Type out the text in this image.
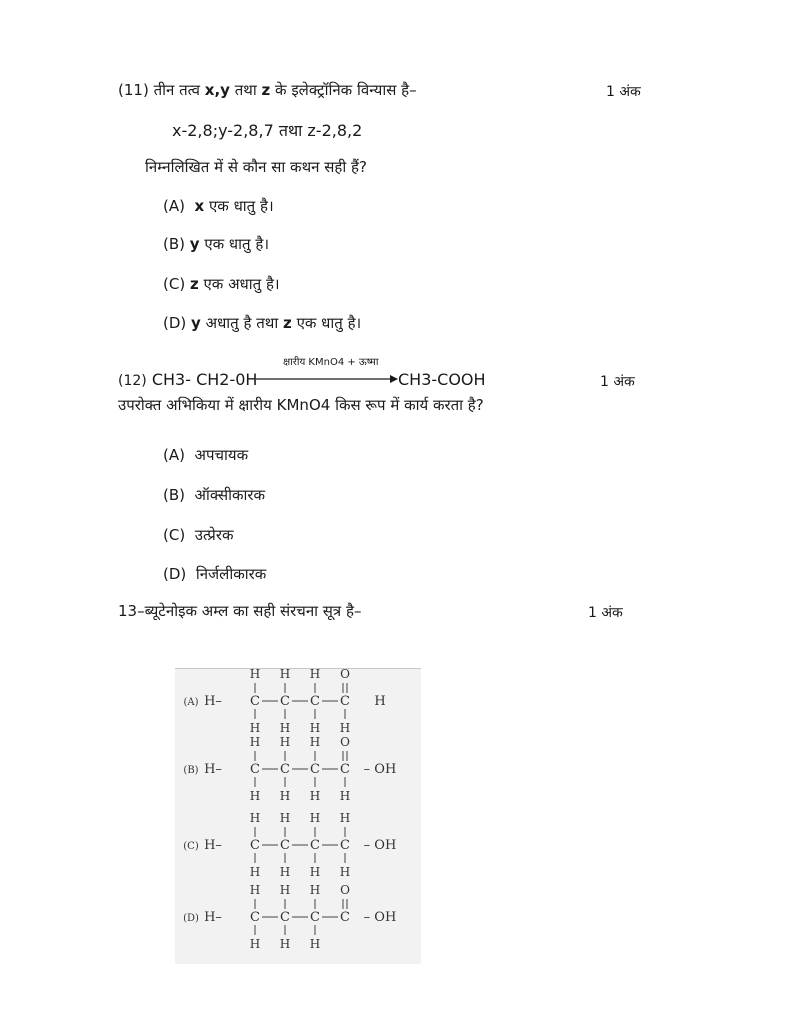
(11) तीन तत्व x,y तथा z के इलेक्ट्रॉनिक विन्यास है–	1 अंक
x-2,8;y-2,8,7 तथा z-2,8,2
निम्नलिखित में से कौन सा कथन सही हैं?
(A) x एक धातु है।
(B) y एक धातु है।
(C) z एक अधातु है।
(D) y अधातु है तथा z एक धातु है।
क्षारीय KMnO4 + ऊष्मा
(12) CH3- CH2-0H	CH3-COOH	1 अंक
उपरोक्त अभिकिया में क्षारीय KMnO4 किस रूप में कार्य करता है?
(A) अपचायक
(B) ऑक्सीकारक
(C) उत्प्रेरक
(D) निर्जलीकारक
13–ब्यूटेनोइक अम्ल का सही संरचना सूत्र है–	1 अंक
(A) H– C
H
H
C
H
H
C
H
H
C
O
H
H
(B) H– C
H
H
C
H
H
C
H
H
C
O
H
– OH
(C) H– C
H
H
C
H
H
C
H
H
C
H
H
– OH
(D) H– C
H
H
C
H
H
C
H
H
C
O
– OH
